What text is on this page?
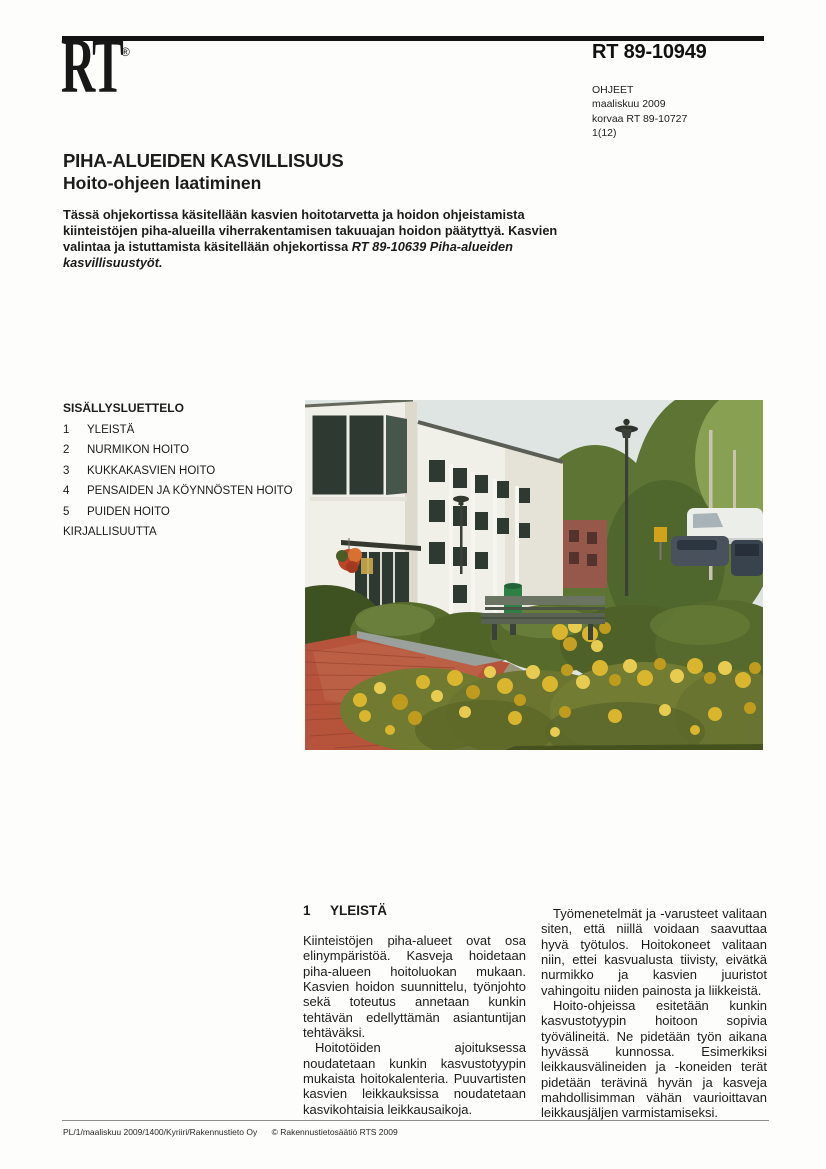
RT
®	RT 89-10949
OHJEET
maaliskuu 2009
korvaa RT 89-10727
1(12)
PIHA-ALUEIDEN KASVILLISUUS
Hoito-ohjeen laatiminen
Tässä ohjekortissa käsitellään kasvien hoitotarvetta ja hoidon ohjeistamista kiinteistöjen piha-alueilla viherrakentamisen takuuajan hoidon päätyttyä. Kasvien valintaa ja istuttamista käsitellään ohjekortissa RT 89-10639 Piha-alueiden kasvillisuustyöt.
SISÄLLYSLUETTELO
1 YLEISTÄ
2 NURMIKON HOITO
3 KUKKAKASVIEN HOITO
4 PENSAIDEN JA KÖYNNÖSTEN HOITO
5 PUIDEN HOITO
KIRJALLISUUTTA
1 YLEISTÄ

Kiinteistöjen piha-alueet ovat osa elinympäristöä. Kasveja hoidetaan piha-alueen hoitoluokan mukaan. Kasvien hoidon suunnittelu, työnjohto sekä toteutus annetaan kunkin tehtävän edellyttämän asiantuntijan tehtäväksi.

Hoitotöiden ajoituksessa noudatetaan kunkin kasvustotyypin mukaista hoitokalenteria. Puuvartisten kasvien leikkauksissa noudatetaan kasvikohtaisia leikkausaikoja.

Työmenetelmät ja -varusteet valitaan siten, että niillä voidaan saavuttaa hyvä työtulos. Hoitokoneet valitaan niin, ettei kasvualusta tiivisty, eivätkä nurmikko ja kasvien juuristot vahingoitu niiden painosta ja liikkeistä.

Hoito-ohjeissa esitetään kunkin kasvustotyypin hoitoon sopivia työvälineitä. Ne pidetään työn aikana hyvässä kunnossa. Esimerkiksi leikkausvälineiden ja -koneiden terät pidetään terävinä hyvän ja kasveja mahdollisimman vähän vaurioittavan leikkausjäljen varmistamiseksi.

PL/1/maaliskuu 2009/1400/Kyriiri/Rakennustieto Oy © Rakennustietosäätiö RTS 2009
